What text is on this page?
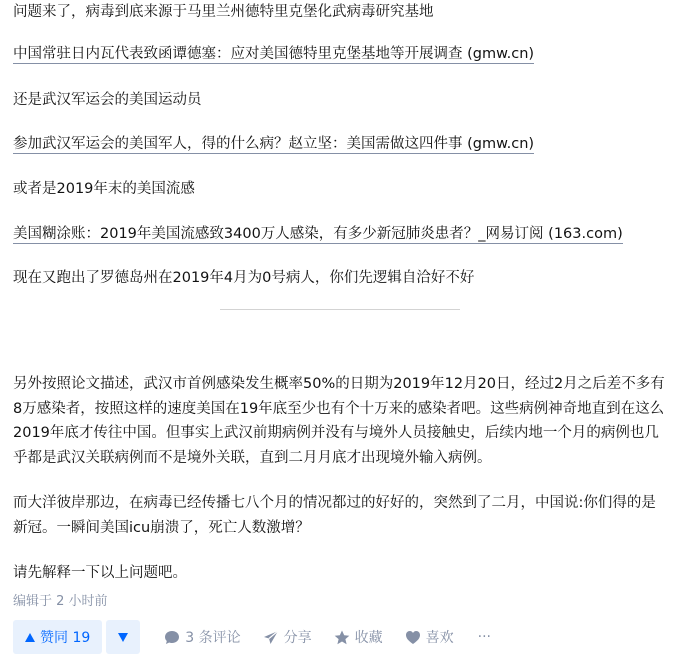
问题来了，病毒到底来源于马里兰州德特里克堡化武病毒研究基地

中国常驻日内瓦代表致函谭德塞：应对美国德特里克堡基地等开展调查 (gmw.cn)

还是武汉军运会的美国运动员

参加武汉军运会的美国军人，得的什么病？赵立坚：美国需做这四件事 (gmw.cn)

或者是2019年末的美国流感

美国糊涂账：2019年美国流感致3400万人感染，有多少新冠肺炎患者？_网易订阅 (163.com)

现在又跑出了罗德岛州在2019年4月为0号病人，你们先逻辑自洽好不好

另外按照论文描述，武汉市首例感染发生概率50%的日期为2019年12月20日，经过2月之后差不多有8万感染者，按照这样的速度美国在19年底至少也有个十万来的感染者吧。这些病例神奇地直到在这么2019年底才传往中国。但事实上武汉前期病例并没有与境外人员接触史，后续内地一个月的病例也几乎都是武汉关联病例而不是境外关联，直到二月月底才出现境外输入病例。

而大洋彼岸那边，在病毒已经传播七八个月的情况都过的好好的，突然到了二月，中国说:你们得的是新冠。一瞬间美国icu崩溃了，死亡人数激增？

请先解释一下以上问题吧。

编辑于 2 小时前

赞同 19	3 条评论	分享	收藏	喜欢 ···
